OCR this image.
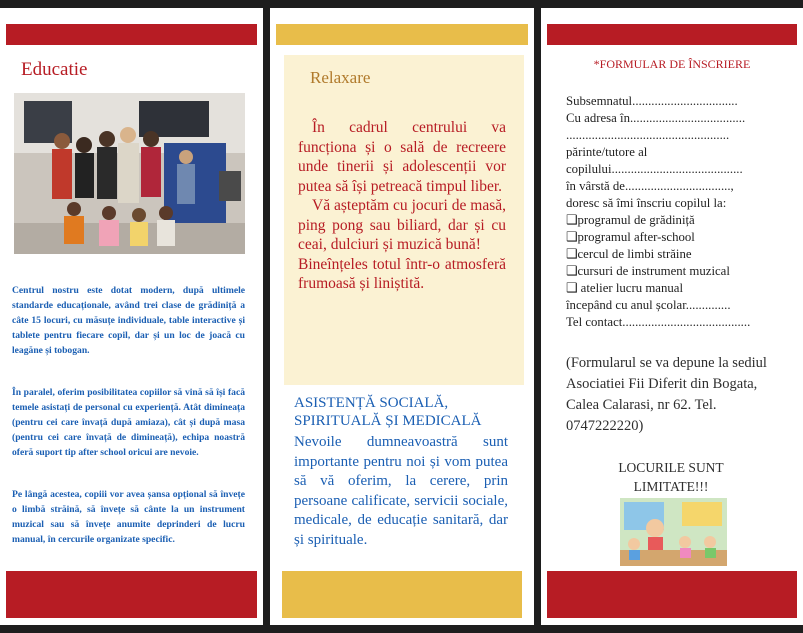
Educatie
Centrul nostru este dotat modern, după ultimele standarde educaționale, având trei clase de grădiniță a câte 15 locuri, cu măsuțe individuale, table interactive și tablete pentru fiecare copil, dar și un loc de joacă cu leagăne și tobogan.
În paralel, oferim posibilitatea copiilor să vină să își facă temele asistați de personal cu experiență. Atât dimineața (pentru cei care învață după amiaza), cât și după masa (pentru cei care învață de dimineață), echipa noastră oferă suport tip after school oricui are nevoie.
Pe lângă acestea, copiii vor avea șansa opțional să învețe o limbă străină, să învețe să cânte la un instrument muzical sau să învețe anumite deprinderi de lucru manual, în cercurile organizate specific.
Relaxare

În cadrul centrului va funcționa și o sală de recreere unde tinerii și adolescenții vor putea să își petreacă timpul liber.

Vă așteptăm cu jocuri de masă, ping pong sau biliard, dar și cu ceai, dulciuri și muzică bună!

Bineînțeles totul într-o atmosferă frumoasă și liniștită.

ASISTENȚĂ SOCIALĂ,
SPIRITUALĂ ȘI MEDICALĂ
Nevoile dumneavoastră sunt importante pentru noi și vom putea să vă oferim, la cerere, prin persoane calificate, servicii sociale, medicale, de educație sanitară, dar și spirituale.
*FORMULAR DE ÎNSCRIERE
Subsemnatul.................................
Cu adresa în....................................
...................................................
părinte/tutore al
copilului.........................................
în vârstă de.................................,
doresc să îmi înscriu copilul la:
❑programul de grădiniță
❑programul after-school
❑cercul de limbi străine
❑cursuri de instrument muzical
❑ atelier lucru manual
începând cu anul școlar..............
Tel contact........................................
(Formularul se va depune la sediul Asociatiei Fii Diferit din Bogata, Calea Calarasi, nr 62. Tel. 0747222220)
LOCURILE SUNT
LIMITATE!!!
